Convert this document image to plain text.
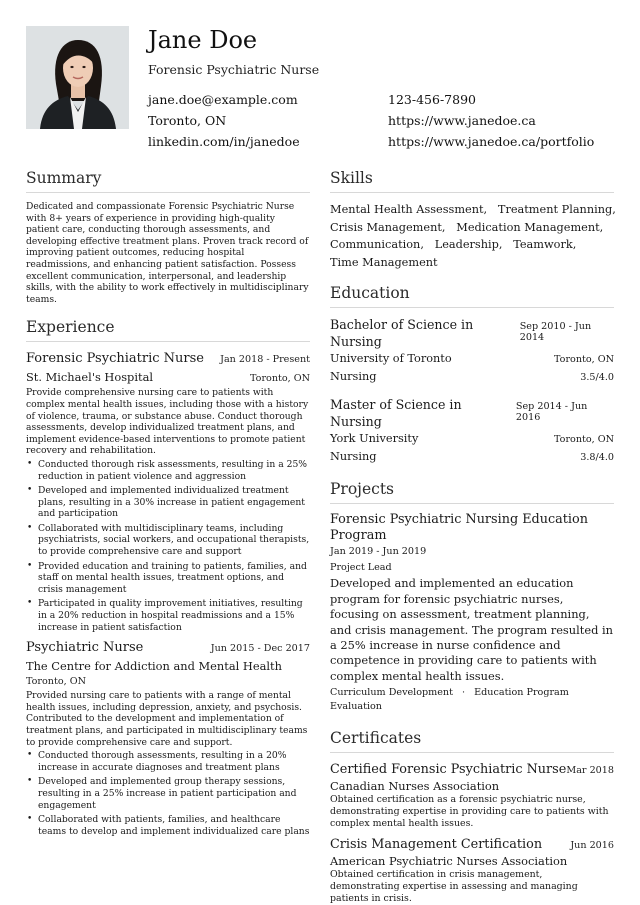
Jane Doe
Forensic Psychiatric Nurse
jane.doe@example.com	123-456-7890
Toronto, ON	https://www.janedoe.ca
linkedin.com/in/janedoe	https://www.janedoe.ca/portfolio
Summary
Dedicated and compassionate Forensic Psychiatric Nurse with 8+ years of experience in providing high-quality patient care, conducting thorough assessments, and developing effective treatment plans. Proven track record of improving patient outcomes, reducing hospital readmissions, and enhancing patient satisfaction. Possess excellent communication, interpersonal, and leadership skills, with the ability to work effectively in multidisciplinary teams.
Experience
Forensic Psychiatric Nurse Jan 2018 - Present
St. Michael's Hospital	Toronto, ON
Provide comprehensive nursing care to patients with complex mental health issues, including those with a history of violence, trauma, or substance abuse. Conduct thorough assessments, develop individualized treatment plans, and implement evidence-based interventions to promote patient recovery and rehabilitation.
• Conducted thorough risk assessments, resulting in a 25% reduction in patient violence and aggression
• Developed and implemented individualized treatment plans, resulting in a 30% increase in patient engagement and participation
• Collaborated with multidisciplinary teams, including psychiatrists, social workers, and occupational therapists, to provide comprehensive care and support
• Provided education and training to patients, families, and staff on mental health issues, treatment options, and crisis management
• Participated in quality improvement initiatives, resulting in a 20% reduction in hospital readmissions and a 15% increase in patient satisfaction
Psychiatric Nurse	Jun 2015 - Dec 2017
The Centre for Addiction and Mental Health
Toronto, ON
Provided nursing care to patients with a range of mental health issues, including depression, anxiety, and psychosis. Contributed to the development and implementation of treatment plans, and participated in multidisciplinary teams to provide comprehensive care and support.
• Conducted thorough assessments, resulting in a 20% increase in accurate diagnoses and treatment plans
• Developed and implemented group therapy sessions, resulting in a 25% increase in patient participation and engagement
• Collaborated with patients, families, and healthcare teams to develop and implement individualized care plans
Skills
Mental Health Assessment,   Treatment Planning,
Crisis Management,   Medication Management,
Communication,   Leadership,   Teamwork,
Time Management
Education
Bachelor of Science in Nursing
Sep 2010 - Jun 2014
University of Toronto	Toronto, ON
Nursing	3.5/4.0
Master of Science in Nursing
Sep 2014 - Jun 2016
York University	Toronto, ON
Nursing	3.8/4.0
Projects
Forensic Psychiatric Nursing Education
Program
Jan 2019 - Jun 2019
Project Lead
Developed and implemented an education program for forensic psychiatric nurses, focusing on assessment, treatment planning, and crisis management. The program resulted in a 25% increase in nurse confidence and competence in providing care to patients with complex mental health issues.
Curriculum Development · Education Program Evaluation
Certificates
Certified Forensic Psychiatric Nurse Mar 2018
Canadian Nurses Association
Obtained certification as a forensic psychiatric nurse, demonstrating expertise in providing care to patients with complex mental health issues.
Crisis Management Certification	Jun 2016
American Psychiatric Nurses Association
Obtained certification in crisis management, demonstrating expertise in assessing and managing patients in crisis.
